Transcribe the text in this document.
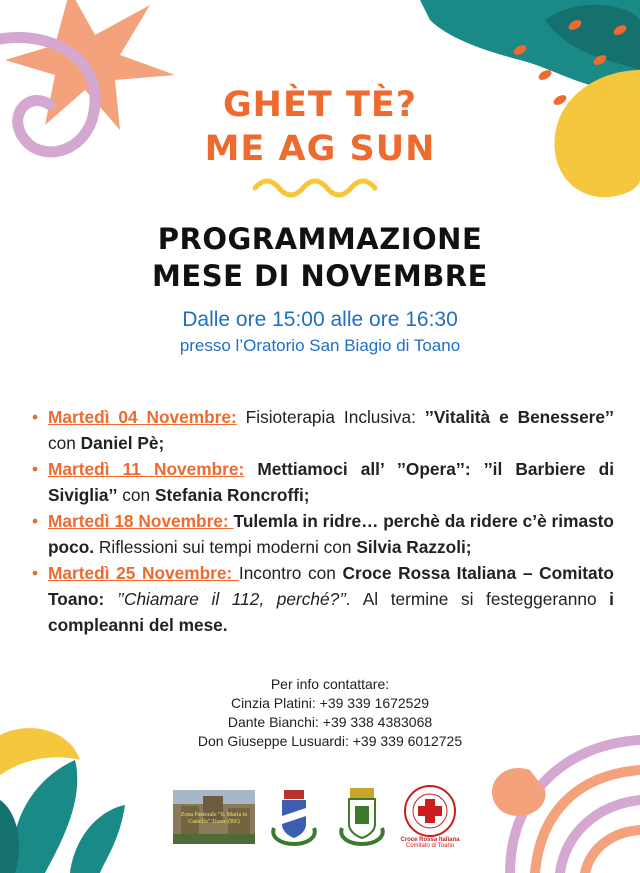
GHÈT TÈ?
ME AG SUN
PROGRAMMAZIONE
MESE DI NOVEMBRE
Dalle ore 15:00 alle ore 16:30
presso l’Oratorio San Biagio di Toano
• Martedì 04 Novembre: Fisioterapia Inclusiva: ’’Vitalità e Benessere’’ con Daniel Pè;
• Martedì 11 Novembre: Mettiamoci all’ ’’Opera’’: ’’il Barbiere di Siviglia’’ con Stefania Roncroffi;
• Martedì 18 Novembre: Tulemla in ridre… perchè da ridere c’è rimasto poco. Riflessioni sui tempi moderni con Silvia Razzoli;
• Martedì 25 Novembre: Incontro con Croce Rossa Italiana – Comitato Toano: ’’Chiamare il 112, perché?’’. Al termine si festeggeranno i compleanni del mese.
Per info contattare:
Cinzia Platini: +39 339 1672529
Dante Bianchi: +39 338 4383068
Don Giuseppe Lusuardi: +39 339 6012725
Zona Pastorale "S. Maria in Castello" Toano (RE)
Croce Rossa Italiana
Comitato di Toano
